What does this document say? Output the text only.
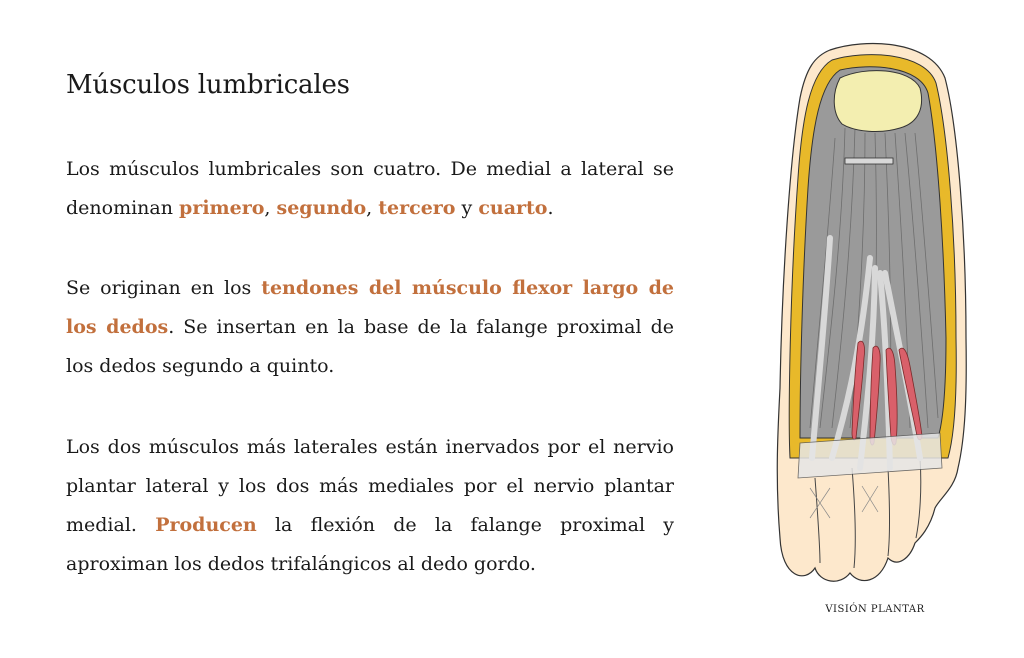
Músculos lumbricales

Los músculos lumbricales son cuatro. De medial a lateral se denominan primero, segundo, tercero y cuarto.

Se originan en los tendones del músculo flexor largo de los dedos. Se insertan en la base de la falange proximal de los dedos segundo a quinto.

Los dos músculos más laterales están inervados por el nervio plantar lateral y los dos más mediales por el nervio plantar medial. Producen la flexión de la falange proximal y aproximan los dedos trifalángicos al dedo gordo.

VISIÓN PLANTAR
